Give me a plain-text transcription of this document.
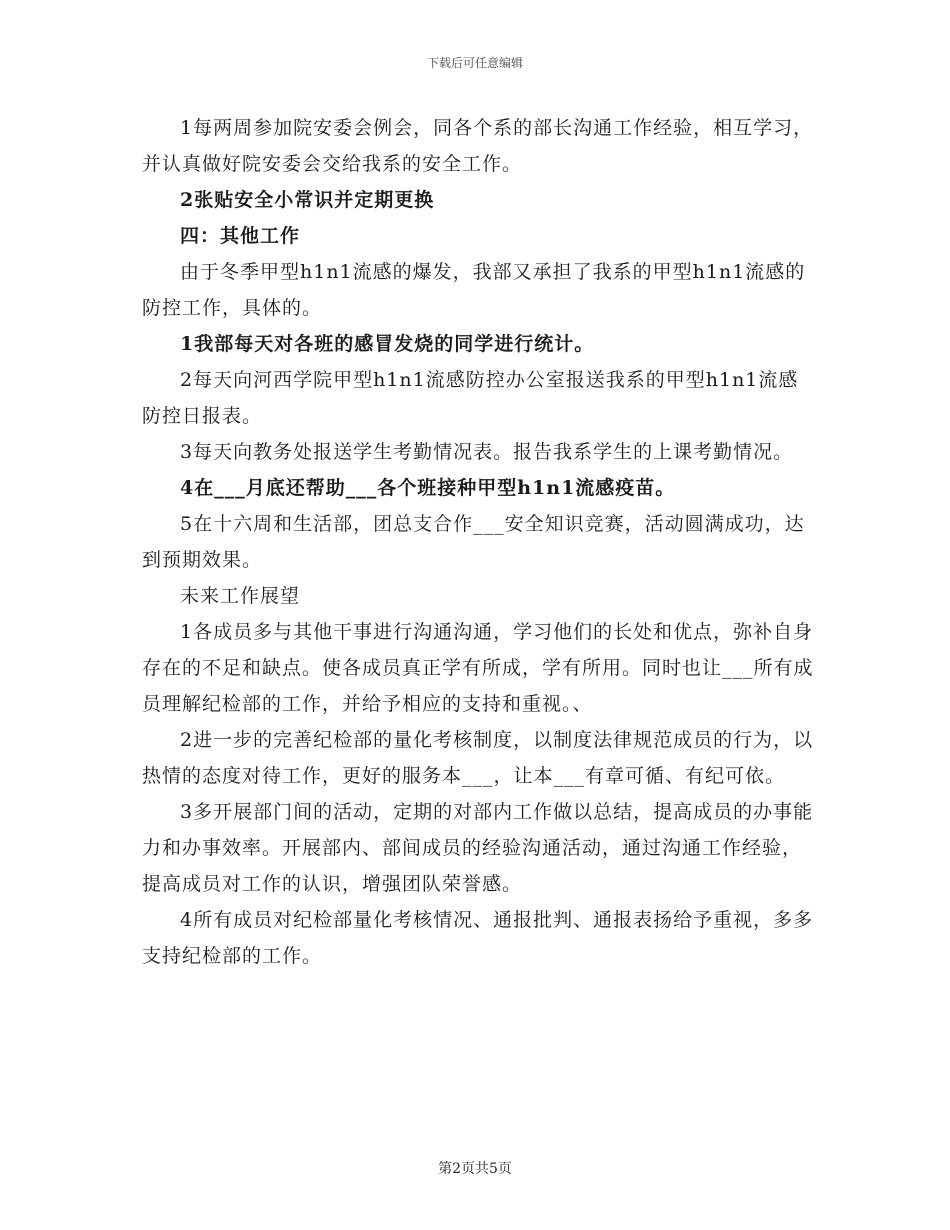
下载后可任意编辑

1每两周参加院安委会例会，同各个系的部长沟通工作经验，相互学习，并认真做好院安委会交给我系的安全工作。

2张贴安全小常识并定期更换

四：其他工作

由于冬季甲型h1n1流感的爆发，我部又承担了我系的甲型h1n1流感的防控工作，具体的。

1我部每天对各班的感冒发烧的同学进行统计。

2每天向河西学院甲型h1n1流感防控办公室报送我系的甲型h1n1流感防控日报表。

3每天向教务处报送学生考勤情况表。报告我系学生的上课考勤情况。

4在___月底还帮助___各个班接种甲型h1n1流感疫苗。

5在十六周和生活部，团总支合作___安全知识竞赛，活动圆满成功，达到预期效果。

未来工作展望

1各成员多与其他干事进行沟通沟通，学习他们的长处和优点，弥补自身存在的不足和缺点。使各成员真正学有所成，学有所用。同时也让___所有成员理解纪检部的工作，并给予相应的支持和重视。、

2进一步的完善纪检部的量化考核制度，以制度法律规范成员的行为，以热情的态度对待工作，更好的服务本___，让本___有章可循、有纪可依。

3多开展部门间的活动，定期的对部内工作做以总结，提高成员的办事能力和办事效率。开展部内、部间成员的经验沟通活动，通过沟通工作经验，提高成员对工作的认识，增强团队荣誉感。

4所有成员对纪检部量化考核情况、通报批判、通报表扬给予重视，多多支持纪检部的工作。

第2页共5页
